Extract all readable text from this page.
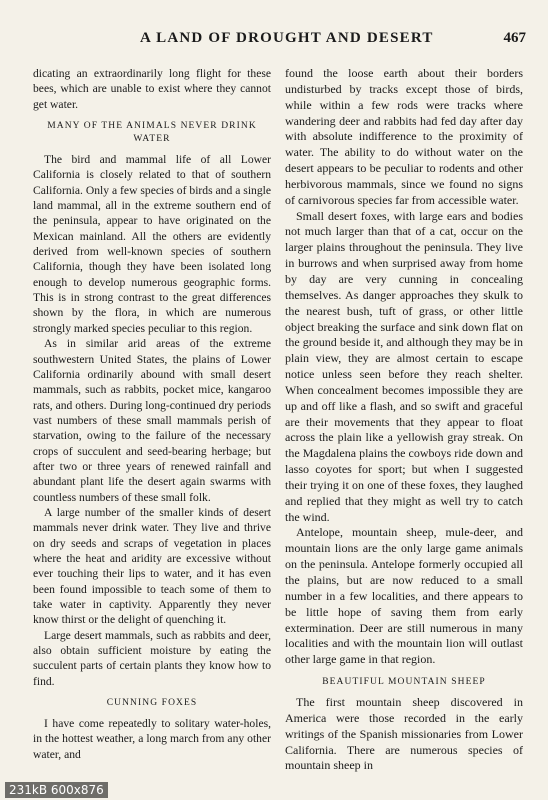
A LAND OF DROUGHT AND DESERT	467

dicating an extraordinarily long flight for these bees, which are unable to exist where they cannot get water.

MANY OF THE ANIMALS NEVER DRINK WATER

The bird and mammal life of all Lower California is closely related to that of southern California. Only a few species of birds and a single land mammal, all in the extreme southern end of the peninsula, appear to have originated on the Mexican mainland. All the others are evidently derived from well-known species of southern California, though they have been isolated long enough to develop numerous geographic forms. This is in strong contrast to the great differences shown by the flora, in which are numerous strongly marked species peculiar to this region.

As in similar arid areas of the extreme southwestern United States, the plains of Lower California ordinarily abound with small desert mammals, such as rabbits, pocket mice, kangaroo rats, and others. During long-continued dry periods vast numbers of these small mammals perish of starvation, owing to the failure of the necessary crops of succulent and seed-bearing herbage; but after two or three years of renewed rainfall and abundant plant life the desert again swarms with countless numbers of these small folk.

A large number of the smaller kinds of desert mammals never drink water. They live and thrive on dry seeds and scraps of vegetation in places where the heat and aridity are excessive without ever touching their lips to water, and it has even been found impossible to teach some of them to take water in captivity. Apparently they never know thirst or the delight of quenching it.

Large desert mammals, such as rabbits and deer, also obtain sufficient moisture by eating the succulent parts of certain plants they know how to find.

CUNNING FOXES

I have come repeatedly to solitary water-holes, in the hottest weather, a long march from any other water, and

found the loose earth about their borders undisturbed by tracks except those of birds, while within a few rods were tracks where wandering deer and rabbits had fed day after day with absolute indifference to the proximity of water. The ability to do without water on the desert appears to be peculiar to rodents and other herbivorous mammals, since we found no signs of carnivorous species far from accessible water.

Small desert foxes, with large ears and bodies not much larger than that of a cat, occur on the larger plains throughout the peninsula. They live in burrows and when surprised away from home by day are very cunning in concealing themselves. As danger approaches they skulk to the nearest bush, tuft of grass, or other little object breaking the surface and sink down flat on the ground beside it, and although they may be in plain view, they are almost certain to escape notice unless seen before they reach shelter. When concealment becomes impossible they are up and off like a flash, and so swift and graceful are their movements that they appear to float across the plain like a yellowish gray streak. On the Magdalena plains the cowboys ride down and lasso coyotes for sport; but when I suggested their trying it on one of these foxes, they laughed and replied that they might as well try to catch the wind.

Antelope, mountain sheep, mule-deer, and mountain lions are the only large game animals on the peninsula. Antelope formerly occupied all the plains, but are now reduced to a small number in a few localities, and there appears to be little hope of saving them from early extermination. Deer are still numerous in many localities and with the mountain lion will outlast other large game in that region.

BEAUTIFUL MOUNTAIN SHEEP

The first mountain sheep discovered in America were those recorded in the early writings of the Spanish missionaries from Lower California. There are numerous species of mountain sheep in

231kB 600x876
